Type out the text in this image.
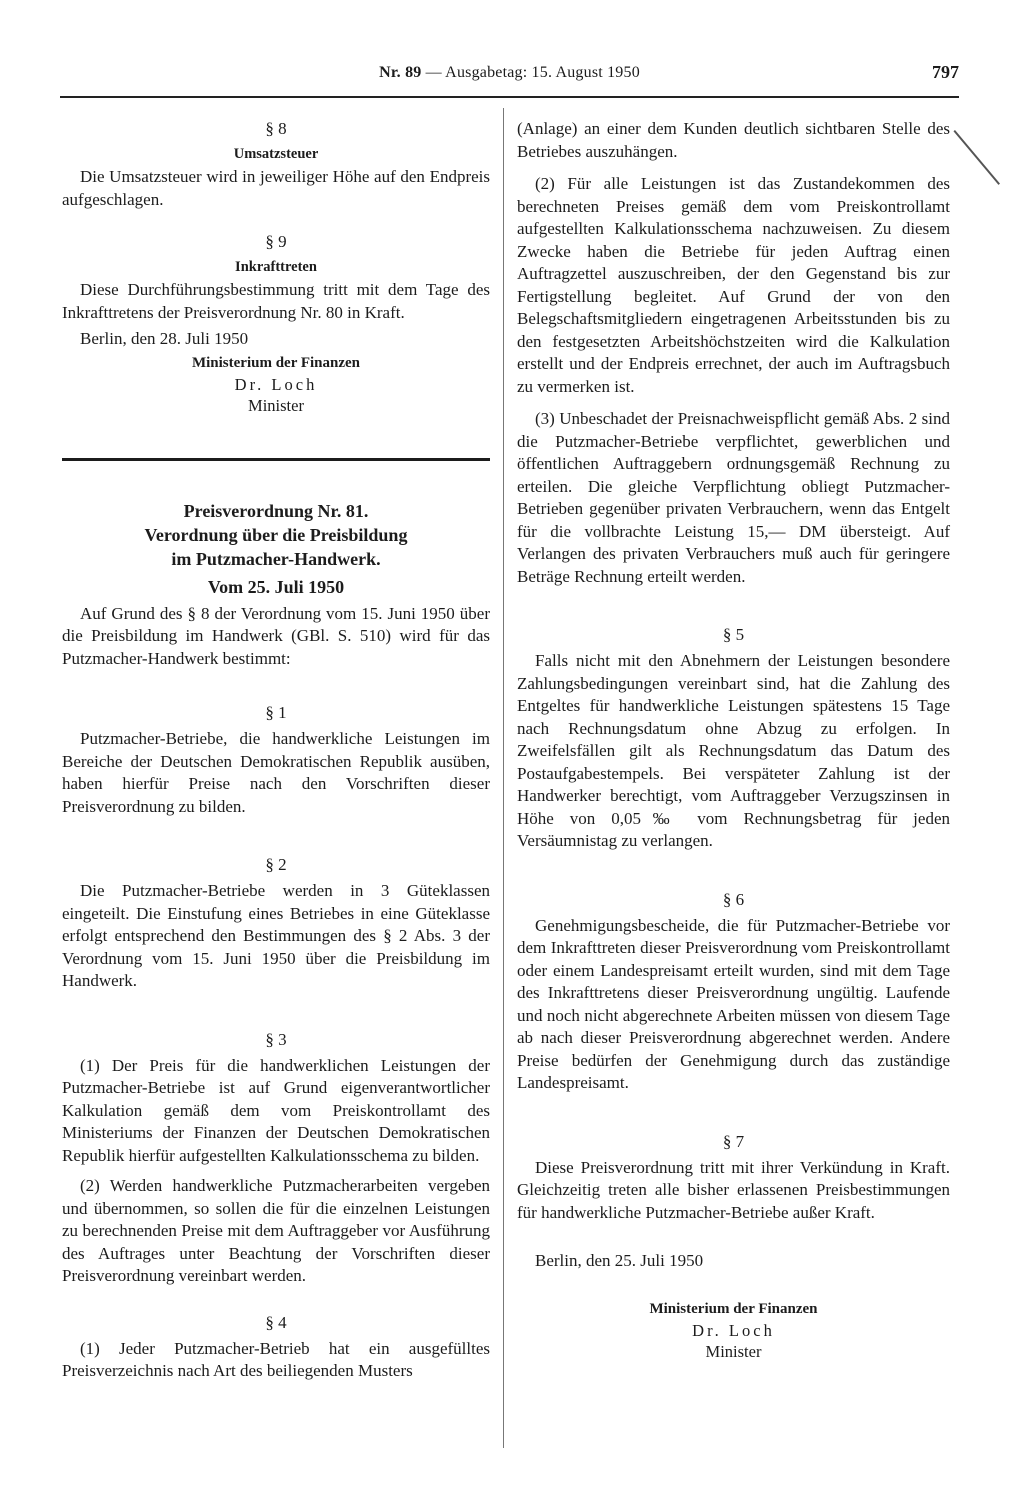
Nr. 89 — Ausgabetag: 15. August 1950	797
§ 8
Umsatzsteuer

Die Umsatzsteuer wird in jeweiliger Höhe auf den Endpreis aufgeschlagen.

§ 9
Inkrafttreten

Diese Durchführungsbestimmung tritt mit dem Tage des Inkrafttretens der Preisverordnung Nr. 80 in Kraft.

Berlin, den 28. Juli 1950

Ministerium der Finanzen
Dr. Loch
Minister
Preisverordnung Nr. 81.
Verordnung über die Preisbildung
im Putzmacher-Handwerk.
Vom 25. Juli 1950

Auf Grund des § 8 der Verordnung vom 15. Juni 1950 über die Preisbildung im Handwerk (GBl. S. 510) wird für das Putzmacher-Handwerk bestimmt:

§ 1

Putzmacher-Betriebe, die handwerkliche Leistungen im Bereiche der Deutschen Demokratischen Republik ausüben, haben hierfür Preise nach den Vorschriften dieser Preisverordnung zu bilden.

§ 2

Die Putzmacher-Betriebe werden in 3 Güteklassen eingeteilt. Die Einstufung eines Betriebes in eine Güteklasse erfolgt entsprechend den Bestimmungen des § 2 Abs. 3 der Verordnung vom 15. Juni 1950 über die Preisbildung im Handwerk.

§ 3

(1) Der Preis für die handwerklichen Leistungen der Putzmacher-Betriebe ist auf Grund eigenverantwortlicher Kalkulation gemäß dem vom Preiskontrollamt des Ministeriums der Finanzen der Deutschen Demokratischen Republik hierfür aufgestellten Kalkulationsschema zu bilden.

(2) Werden handwerkliche Putzmacherarbeiten vergeben und übernommen, so sollen die für die einzelnen Leistungen zu berechnenden Preise mit dem Auftraggeber vor Ausführung des Auftrages unter Beachtung der Vorschriften dieser Preisverordnung vereinbart werden.

§ 4

(1) Jeder Putzmacher-Betrieb hat ein ausgefülltes Preisverzeichnis nach Art des beiliegenden Musters

(Anlage) an einer dem Kunden deutlich sichtbaren Stelle des Betriebes auszuhängen.

(2) Für alle Leistungen ist das Zustandekommen des berechneten Preises gemäß dem vom Preiskontrollamt aufgestellten Kalkulationsschema nachzuweisen. Zu diesem Zwecke haben die Betriebe für jeden Auftrag einen Auftragzettel auszuschreiben, der den Gegenstand bis zur Fertigstellung begleitet. Auf Grund der von den Belegschaftsmitgliedern eingetragenen Arbeitsstunden bis zu den festgesetzten Arbeitshöchstzeiten wird die Kalkulation erstellt und der Endpreis errechnet, der auch im Auftragsbuch zu vermerken ist.

(3) Unbeschadet der Preisnachweispflicht gemäß Abs. 2 sind die Putzmacher-Betriebe verpflichtet, gewerblichen und öffentlichen Auftraggebern ordnungsgemäß Rechnung zu erteilen. Die gleiche Verpflichtung obliegt Putzmacher-Betrieben gegenüber privaten Verbrauchern, wenn das Entgelt für die vollbrachte Leistung 15,— DM übersteigt. Auf Verlangen des privaten Verbrauchers muß auch für geringere Beträge Rechnung erteilt werden.

§ 5

Falls nicht mit den Abnehmern der Leistungen besondere Zahlungsbedingungen vereinbart sind, hat die Zahlung des Entgeltes für handwerkliche Leistungen spätestens 15 Tage nach Rechnungsdatum ohne Abzug zu erfolgen. In Zweifelsfällen gilt als Rechnungsdatum das Datum des Postaufgabestempels. Bei verspäteter Zahlung ist der Handwerker berechtigt, vom Auftraggeber Verzugszinsen in Höhe von 0,05‰ vom Rechnungsbetrag für jeden Versäumnistag zu verlangen.

§ 6

Genehmigungsbescheide, die für Putzmacher-Betriebe vor dem Inkrafttreten dieser Preisverordnung vom Preiskontrollamt oder einem Landespreisamt erteilt wurden, sind mit dem Tage des Inkrafttretens dieser Preisverordnung ungültig. Laufende und noch nicht abgerechnete Arbeiten müssen von diesem Tage ab nach dieser Preisverordnung abgerechnet werden. Andere Preise bedürfen der Genehmigung durch das zuständige Landespreisamt.

§ 7

Diese Preisverordnung tritt mit ihrer Verkündung in Kraft. Gleichzeitig treten alle bisher erlassenen Preisbestimmungen für handwerkliche Putzmacher-Betriebe außer Kraft.

Berlin, den 25. Juli 1950

Ministerium der Finanzen
Dr. Loch
Minister
